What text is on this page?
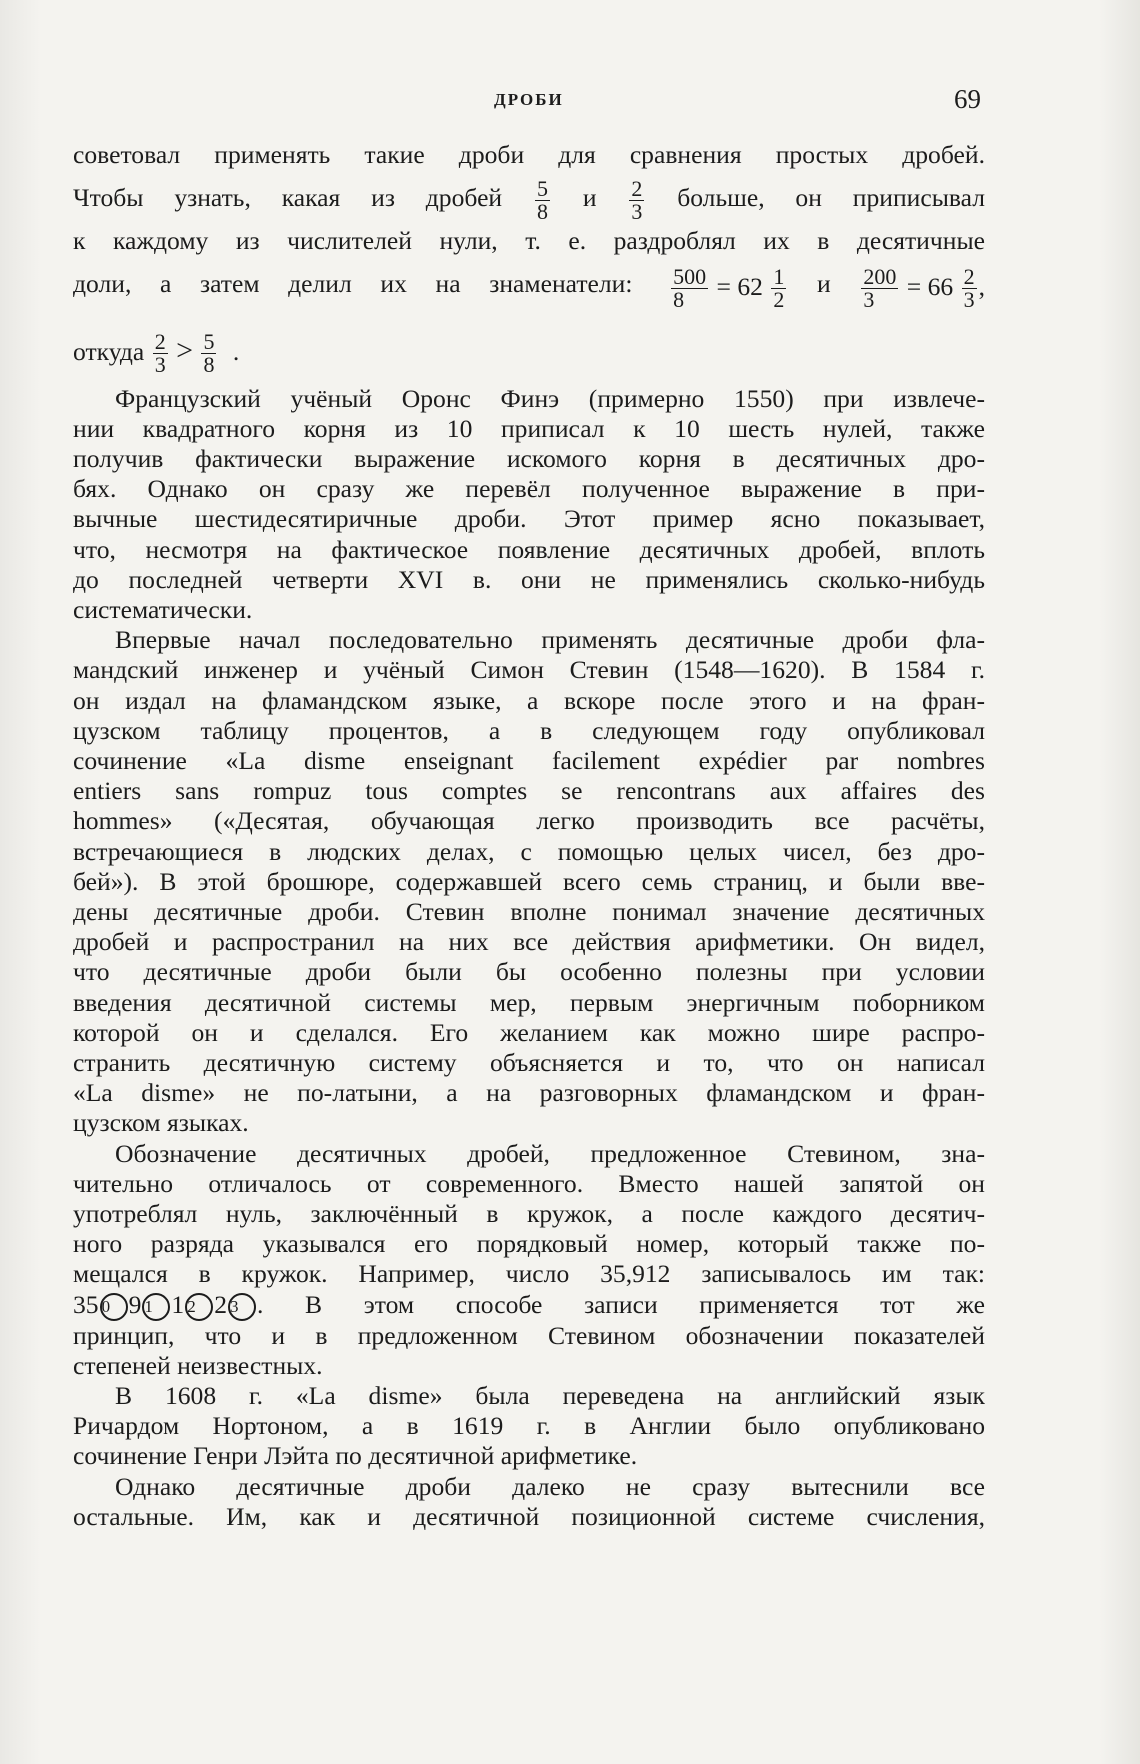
ДРОБИ	69
советовал применять такие дроби для сравнения простых дробей.
Чтобы узнать, какая из дробей $\frac{5}{8}$ и $\frac{2}{3}$ больше, он приписывал
к каждому из числителей нули, т. е. раздроблял их в десятичные
доли, а затем делил их на знаменатели: $\frac{500}{8} = 62 \frac{1}{2}$ и $\frac{200}{3} = 66 \frac{2}{3}$ ,
откуда $\frac{2}{3} > \frac{5}{8}$ .
Французский учёный Оронс Финэ (примерно 1550) при извлече-
нии квадратного корня из 10 приписал к 10 шесть нулей, также
получив фактически выражение искомого корня в десятичных дро-
бях. Однако он сразу же перевёл полученное выражение в при-
вычные шестидесятиричные дроби. Этот пример ясно показывает,
что, несмотря на фактическое появление десятичных дробей, вплоть
до последней четверти XVI в. они не применялись сколько-нибудь
систематически.
Впервые начал последовательно применять десятичные дроби фла-
мандский инженер и учёный Симон Стевин (1548—1620). В 1584 г.
он издал на фламандском языке, а вскоре после этого и на фран-
цузском таблицу процентов, а в следующем году опубликовал
сочинение «La disme enseignant facilement expédier par nombres
entiers sans rompuz tous comptes se rencontrans aux affaires des
hommes» («Десятая, обучающая легко производить все расчёты,
встречающиеся в людских делах, с помощью целых чисел, без дро-
бей»). В этой брошюре, содержавшей всего семь страниц, и были вве-
дены десятичные дроби. Стевин вполне понимал значение десятичных
дробей и распространил на них все действия арифметики. Он видел,
что десятичные дроби были бы особенно полезны при условии
введения десятичной системы мер, первым энергичным поборником
которой он и сделался. Его желанием как можно шире распро-
странить десятичную систему объясняется и то, что он написал
«La disme» не по-латыни, а на разговорных фламандском и фран-
цузском языках.
Обозначение десятичных дробей, предложенное Стевином, зна-
чительно отличалось от современного. Вместо нашей запятой он
употреблял нуль, заключённый в кружок, а после каждого десятич-
ного разряда указывался его порядковый номер, который также по-
мещался в кружок. Например, число 35,912 записывалось им так:
35 0 9 1 1 2 2 3 . В этом способе записи применяется тот же
принцип, что и в предложенном Стевином обозначении показателей
степеней неизвестных.
В 1608 г. «La disme» была переведена на английский язык
Ричардом Нортоном, а в 1619 г. в Англии было опубликовано
сочинение Генри Лэйта по десятичной арифметике.
Однако десятичные дроби далеко не сразу вытеснили все
остальные. Им, как и десятичной позиционной системе счисления,
